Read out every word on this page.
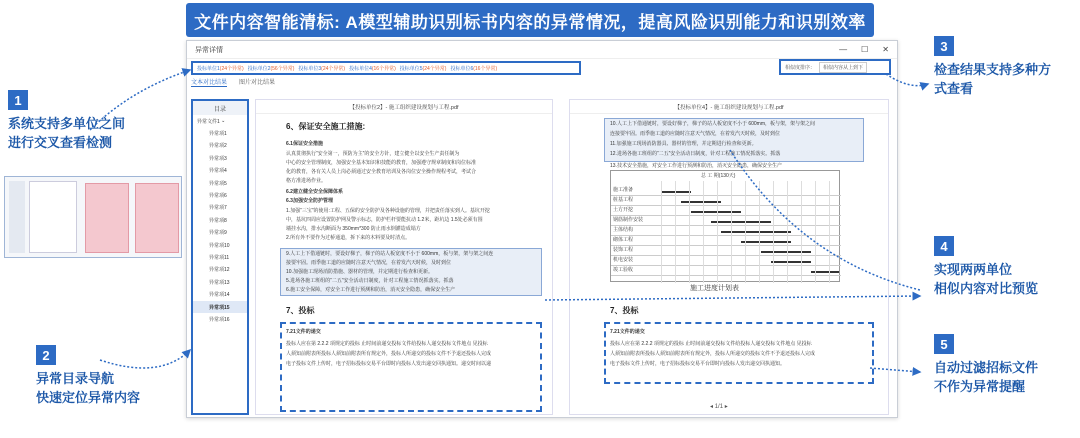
文件内容智能清标: A模型辅助识别标书内容的异常情况，提高风险识别能力和识别效率
1
系统支持多单位之间
进行交叉查看检测
2
异常目录导航
快速定位异常内容
3
检查结果支持多种方
式查看
4
实现两两单位
相似内容对比预览
5
自动过滤招标文件
不作为异常提醒
异常详情	— ☐ ✕
投标单位1(24个异常) 投标单位2(56个异常) 投标单位3(24个异常) 投标单位4(16个异常) 投标单位5(24个异常) 投标单位6(16个异常)	相似度排序：	相似内容从上到下
文本对比结果 图片对比结果
目录
异常文件1 ⌄
异常项1
异常项2
异常项3
异常项4
异常项5
异常项6
异常项7
异常项8
异常项9
异常项10
异常项11
异常项12
异常项13
异常项14
异常项15
异常项16
【投标单位2】- 施工组织建设规划与工程.pdf
6、保证安全施工措施:
6.1保证安全措施
认真贯彻执行“安全第一，预防为主”的安全方针，建立健全以安全生产责任制为
中心的安全管理制度，加强安全基本知识和技能的教育，加强遵守规章制度和岗位标准
化的教育，各有关人员上岗必须通过安全教育培训及各岗位安全操作规程考试，考试合
格方准进场作业。
6.2建立健全安全保障体系
6.3加强安全防护管理
1.加强“三宝”的使用:工程、五保的安全防护及各种设施的管理，并把责任落实到人。基坑开挖
中，基坑四周应设置防护网及警示标志，防护栏杆要能抗动 1.2米，距坑边 1.5处必须有围
墙挂水沟，排水沟断面为 350mm*300 防止雨水倒灌造成塌方
2.所有外不要作为过桥通道，拆下来的木料要及时清点。
9.人工上下借通链时，要设好梯子，梯子的站人板宽度不小于 600mm，板与架，架与架之间连
接要牢固。雨季施工道的应随时注意天气情况，在着发汽天时候，及时到位
10.加强施工现场消防措施、器材的管理，并定期进行检查和更新。
5.进场各施工班组的“二五”安全活动日制度，针对工程施工情况抓落实。抓落
6.施工安全保障，对安全工作进行预测和防治，消灭安全隐患，确保安全生产
7、投标
7.21文件的递交
投标人应在第 2.2.2 项规定的投标 止时间前递交投标文件给投标人递交投标文件地点 见投标
人须知前附表所投标人须知前附表所有规定外，投标人所递交的投标文件不予退还投标人完成
电子投标文件上传时，电子招标投标交易平台即时向投标人发出递交回执通知。递交时间以递
【投标单位4】- 施工组织建设规划与工程.pdf
10.人工上下借通链时，要设好梯子，梯子的站人板宽度不小于 600mm，板与架，架与架之间
连接要牢固。雨季施工道的应随时注意天气情况，在着发汽天时候，及时到位
11.加强施工现场消防器具、器材的管理，并定期进行检查和更新。
12.进场各施工班组的“二五”安全活动日制度，针对工程施工情况抓落实。抓落
13.技术安全措施，对安全工作进行预测和防治，消灭安全隐患，确保安全生产
总 工 期(130天)
施工准备
桩基工程
土方开挖
钢筋制作安装
主体结构
砌体工程
装饰工程
机电安装
竣工验收
施工进度计划表
7、投标
7.21文件的递交
投标人应在第 2.2.2 项规定的投标 止时间前递交投标文件给投标人递交投标文件地点 见投标
人须知前附表所投标人须知前附表所有规定外，投标人所递交的投标文件不予退还投标人完成
电子投标文件上传时，电子招标投标交易平台即时向投标人发出递交回执通知。
◂ 1/1 ▸
